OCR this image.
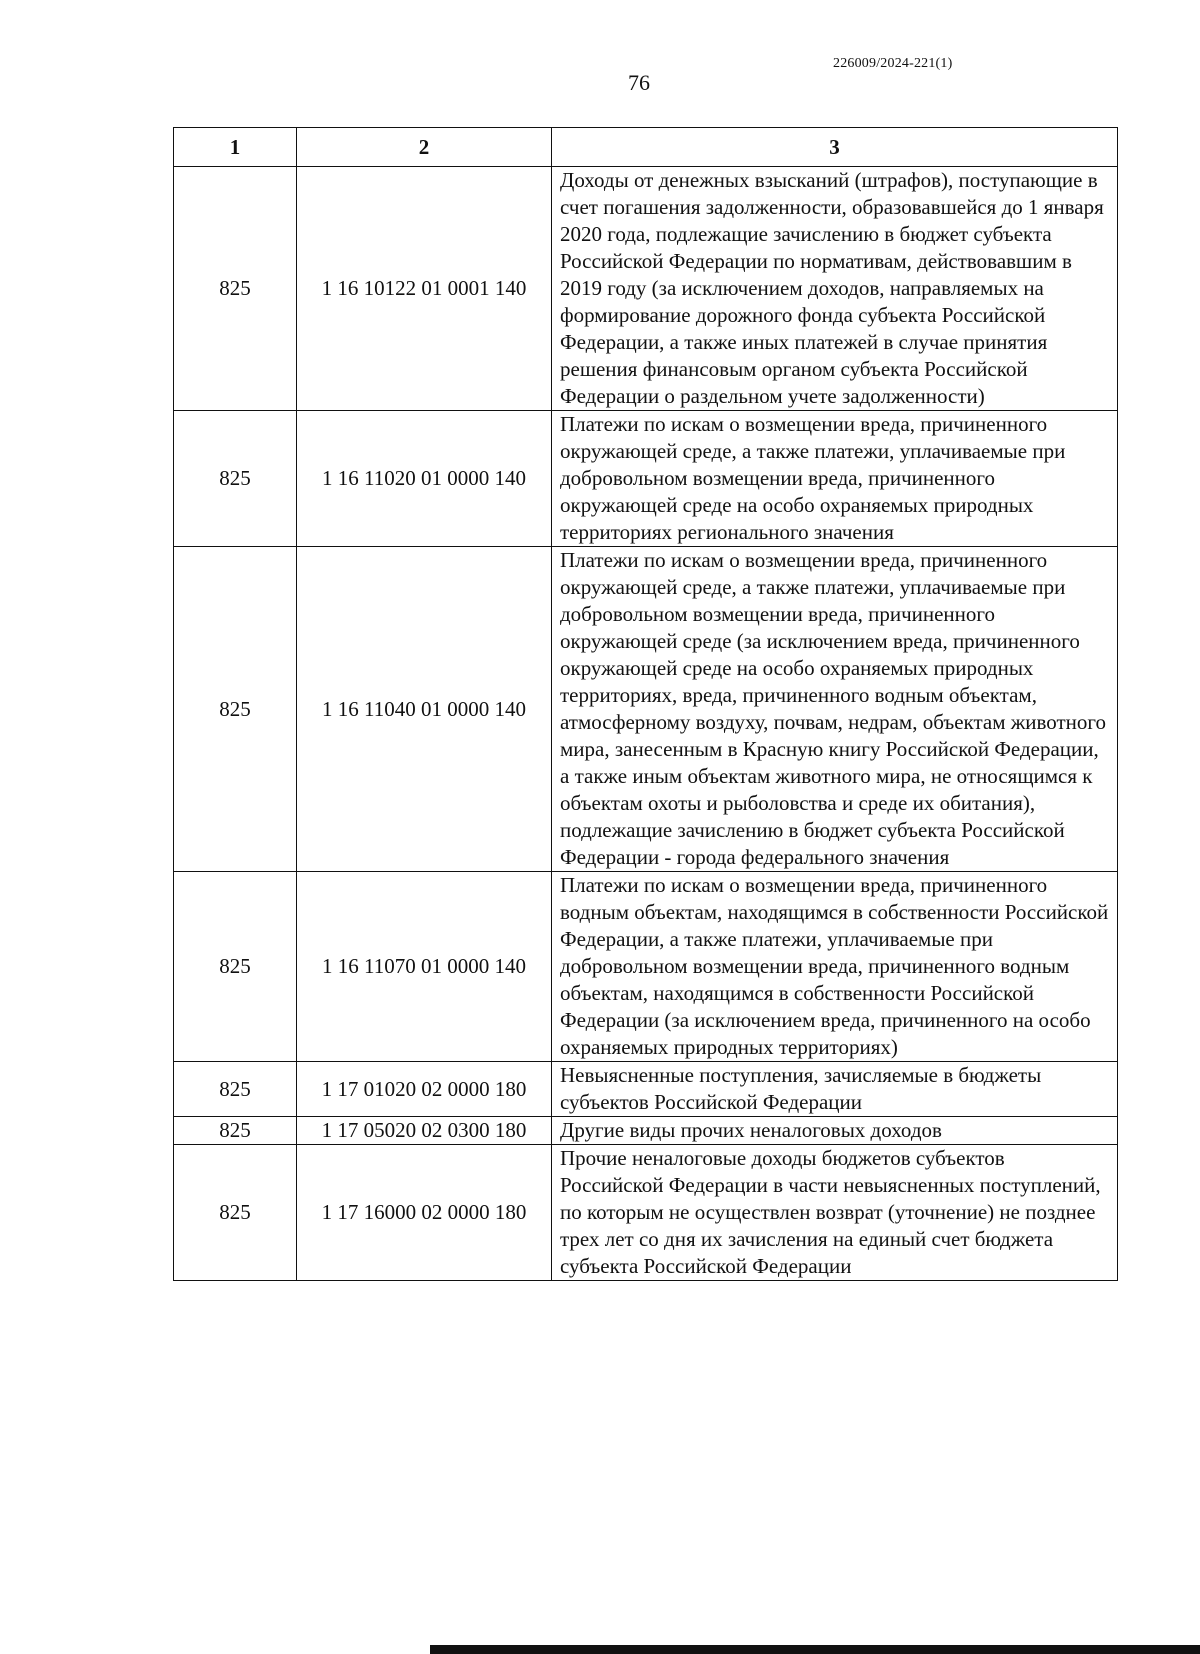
226009/2024-221(1)
76
1	2	3
825	1 16 10122 01 0001 140	Доходы от денежных взысканий (штрафов), поступающие в счет погашения задолженности, образовавшейся до 1 января 2020 года, подлежащие зачислению в бюджет субъекта Российской Федерации по нормативам, действовавшим в 2019 году (за исключением доходов, направляемых на формирование дорожного фонда субъекта Российской Федерации, а также иных платежей в случае принятия решения финансовым органом субъекта Российской Федерации о раздельном учете задолженности)
825	1 16 11020 01 0000 140	Платежи по искам о возмещении вреда, причиненного окружающей среде, а также платежи, уплачиваемые при добровольном возмещении вреда, причиненного окружающей среде на особо охраняемых природных территориях регионального значения
825	1 16 11040 01 0000 140	Платежи по искам о возмещении вреда, причиненного окружающей среде, а также платежи, уплачиваемые при добровольном возмещении вреда, причиненного окружающей среде (за исключением вреда, причиненного окружающей среде на особо охраняемых природных территориях, вреда, причиненного водным объектам, атмосферному воздуху, почвам, недрам, объектам животного мира, занесенным в Красную книгу Российской Федерации, а также иным объектам животного мира, не относящимся к объектам охоты и рыболовства и среде их обитания), подлежащие зачислению в бюджет субъекта Российской Федерации - города федерального значения
825	1 16 11070 01 0000 140	Платежи по искам о возмещении вреда, причиненного водным объектам, находящимся в собственности Российской Федерации, а также платежи, уплачиваемые при добровольном возмещении вреда, причиненного водным объектам, находящимся в собственности Российской Федерации (за исключением вреда, причиненного на особо охраняемых природных территориях)
825	1 17 01020 02 0000 180	Невыясненные поступления, зачисляемые в бюджеты субъектов Российской Федерации
825	1 17 05020 02 0300 180	Другие виды прочих неналоговых доходов
825	1 17 16000 02 0000 180	Прочие неналоговые доходы бюджетов субъектов Российской Федерации в части невыясненных поступлений, по которым не осуществлен возврат (уточнение) не позднее трех лет со дня их зачисления на единый счет бюджета субъекта Российской Федерации
